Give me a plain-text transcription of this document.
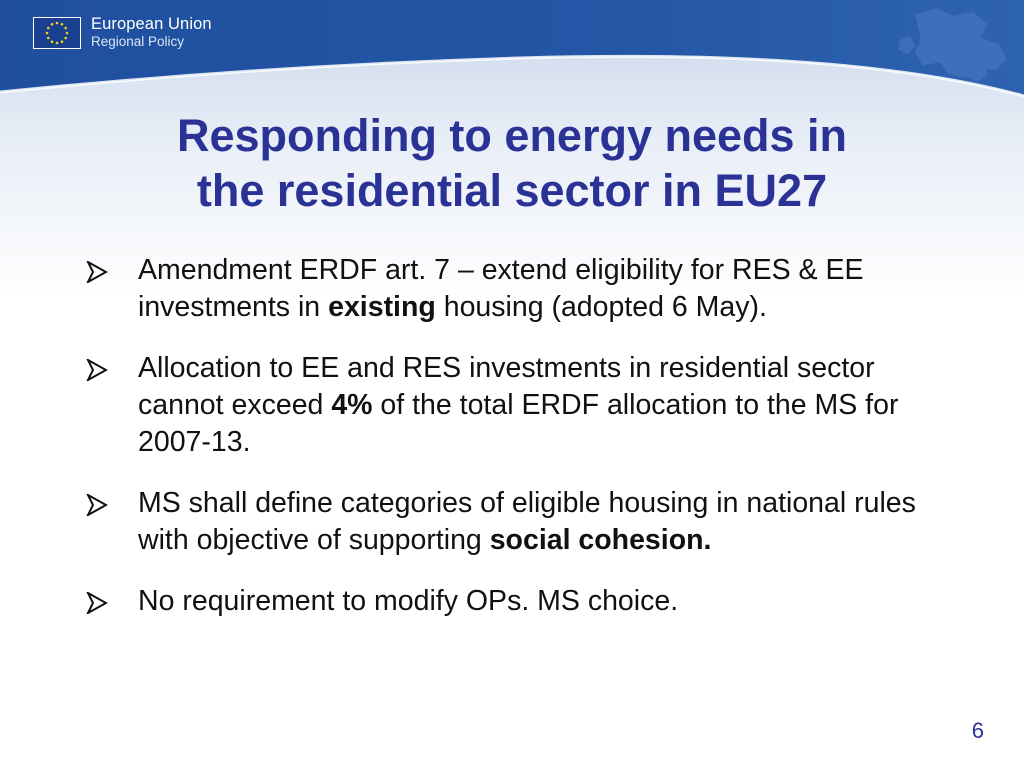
European Union
Regional Policy
Responding to energy needs in
the residential sector in EU27
Amendment ERDF art. 7 – extend eligibility for RES & EE investments in existing housing (adopted 6 May).
Allocation to EE and RES investments in residential sector cannot exceed 4% of the total ERDF allocation to the MS for 2007-13.
MS shall define categories of eligible housing in national rules with objective of supporting social cohesion.
No requirement to modify OPs. MS choice.
6
